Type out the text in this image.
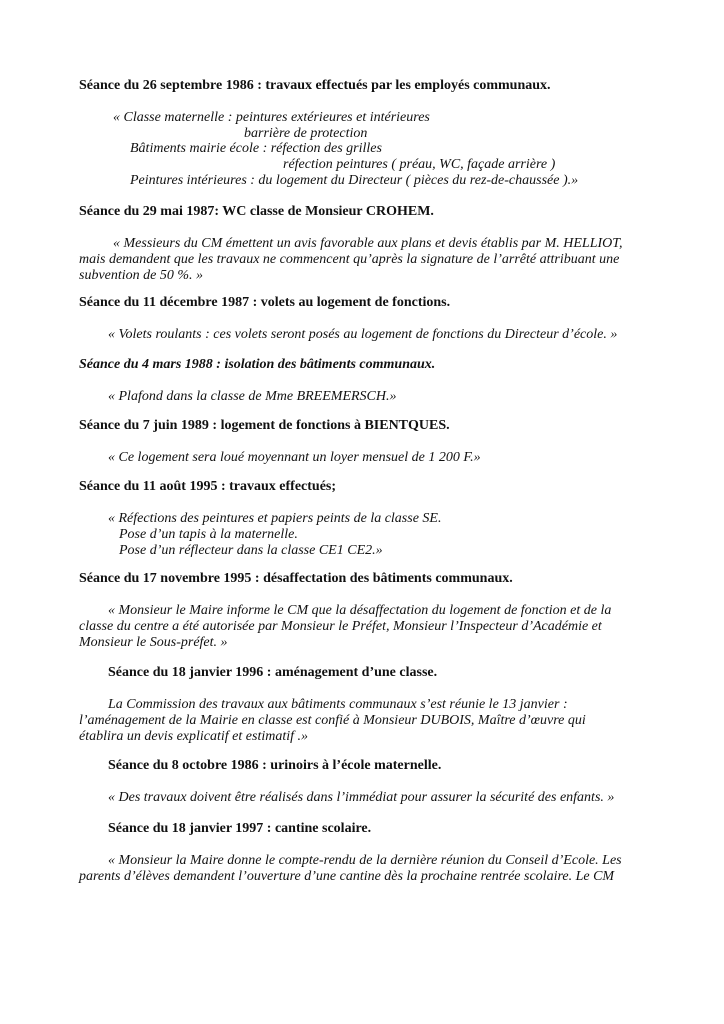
Séance du 26 septembre 1986 : travaux effectués par les employés communaux.
« Classe maternelle : peintures extérieures et intérieures
barrière de protection
Bâtiments mairie école : réfection des grilles
réfection peintures ( préau, WC, façade arrière )
Peintures intérieures : du logement du Directeur ( pièces du rez-de-chaussée ).»
Séance du 29 mai 1987: WC classe de Monsieur CROHEM.
« Messieurs du CM émettent un avis favorable aux plans et devis établis par M. HELLIOT,
mais demandent que les travaux ne commencent qu’après la signature de l’arrêté attribuant une
subvention de 50 %. »
Séance du 11 décembre 1987 : volets au logement de fonctions.
« Volets roulants : ces volets seront posés au logement de fonctions du Directeur d’école. »
Séance du 4 mars 1988 : isolation des bâtiments communaux.
« Plafond dans la classe de Mme BREEMERSCH.»
Séance du 7 juin 1989 : logement de fonctions à BIENTQUES.
« Ce logement sera loué moyennant un loyer mensuel de 1 200 F.»
Séance du 11 août 1995 : travaux effectués;
« Réfections des peintures et papiers peints de la classe SE.
Pose d’un tapis à la maternelle.
Pose d’un réflecteur dans la classe CE1 CE2.»
Séance du 17 novembre 1995 : désaffectation des bâtiments communaux.
« Monsieur le Maire informe le CM que la désaffectation du logement de fonction et de la
classe du centre a été autorisée par Monsieur le Préfet, Monsieur l’Inspecteur d’Académie et
Monsieur le Sous-préfet. »
Séance du 18 janvier 1996 : aménagement d’une classe.
La Commission des travaux aux bâtiments communaux s’est réunie le 13 janvier :
l’aménagement de la Mairie en classe est confié à Monsieur DUBOIS, Maître d’œuvre qui
établira un devis explicatif et estimatif .»
Séance du 8 octobre 1986 : urinoirs à l’école maternelle.
« Des travaux doivent être réalisés dans l’immédiat pour assurer la sécurité des enfants. »
Séance du 18 janvier 1997 : cantine scolaire.
« Monsieur la Maire donne le compte-rendu de la dernière réunion du Conseil d’Ecole. Les
parents d’élèves demandent l’ouverture d’une cantine dès la prochaine rentrée scolaire. Le CM
